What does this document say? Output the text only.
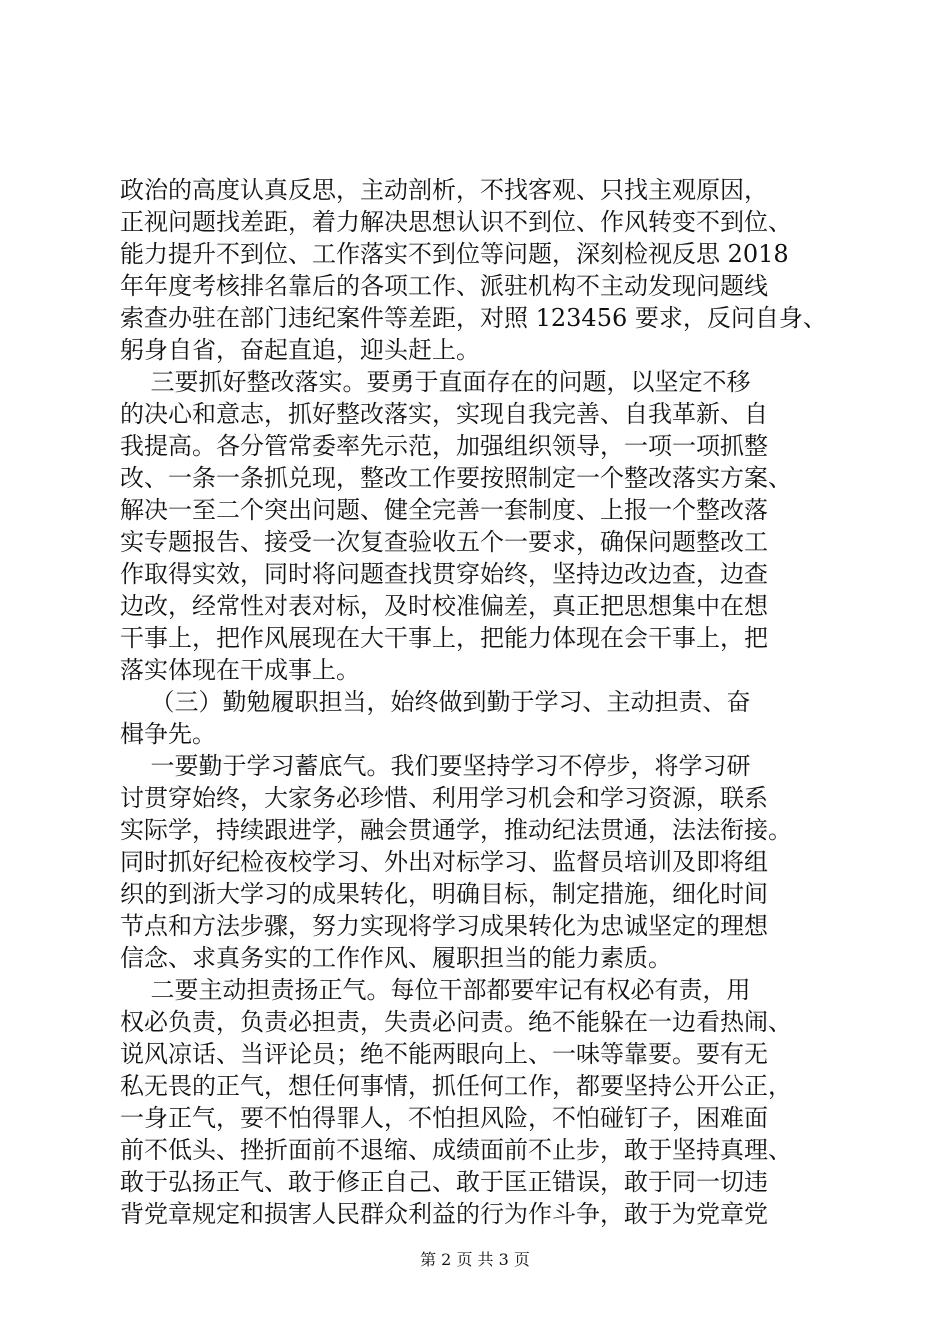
政治的高度认真反思，主动剖析，不找客观、只找主观原因，
正视问题找差距，着力解决思想认识不到位、作风转变不到位、
能力提升不到位、工作落实不到位等问题，深刻检视反思 2018
年年度考核排名靠后的各项工作、派驻机构不主动发现问题线
索查办驻在部门违纪案件等差距，对照 123456 要求，反问自身、
躬身自省，奋起直追，迎头赶上。

三要抓好整改落实。要勇于直面存在的问题，以坚定不移
的决心和意志，抓好整改落实，实现自我完善、自我革新、自
我提高。各分管常委率先示范，加强组织领导，一项一项抓整
改、一条一条抓兑现，整改工作要按照制定一个整改落实方案、
解决一至二个突出问题、健全完善一套制度、上报一个整改落
实专题报告、接受一次复查验收五个一要求，确保问题整改工
作取得实效，同时将问题查找贯穿始终，坚持边改边查，边查
边改，经常性对表对标，及时校准偏差，真正把思想集中在想
干事上，把作风展现在大干事上，把能力体现在会干事上，把
落实体现在干成事上。

（三）勤勉履职担当，始终做到勤于学习、主动担责、奋
楫争先。

一要勤于学习蓄底气。我们要坚持学习不停步，将学习研
讨贯穿始终，大家务必珍惜、利用学习机会和学习资源，联系
实际学，持续跟进学，融会贯通学，推动纪法贯通，法法衔接。
同时抓好纪检夜校学习、外出对标学习、监督员培训及即将组
织的到浙大学习的成果转化，明确目标，制定措施，细化时间
节点和方法步骤，努力实现将学习成果转化为忠诚坚定的理想
信念、求真务实的工作作风、履职担当的能力素质。

二要主动担责扬正气。每位干部都要牢记有权必有责，用
权必负责，负责必担责，失责必问责。绝不能躲在一边看热闹、
说风凉话、当评论员；绝不能两眼向上、一味等靠要。要有无
私无畏的正气，想任何事情，抓任何工作，都要坚持公开公正，
一身正气，要不怕得罪人，不怕担风险，不怕碰钉子，困难面
前不低头、挫折面前不退缩、成绩面前不止步，敢于坚持真理、
敢于弘扬正气、敢于修正自己、敢于匡正错误，敢于同一切违
背党章规定和损害人民群众利益的行为作斗争，敢于为党章党

第 2 页 共 3 页
